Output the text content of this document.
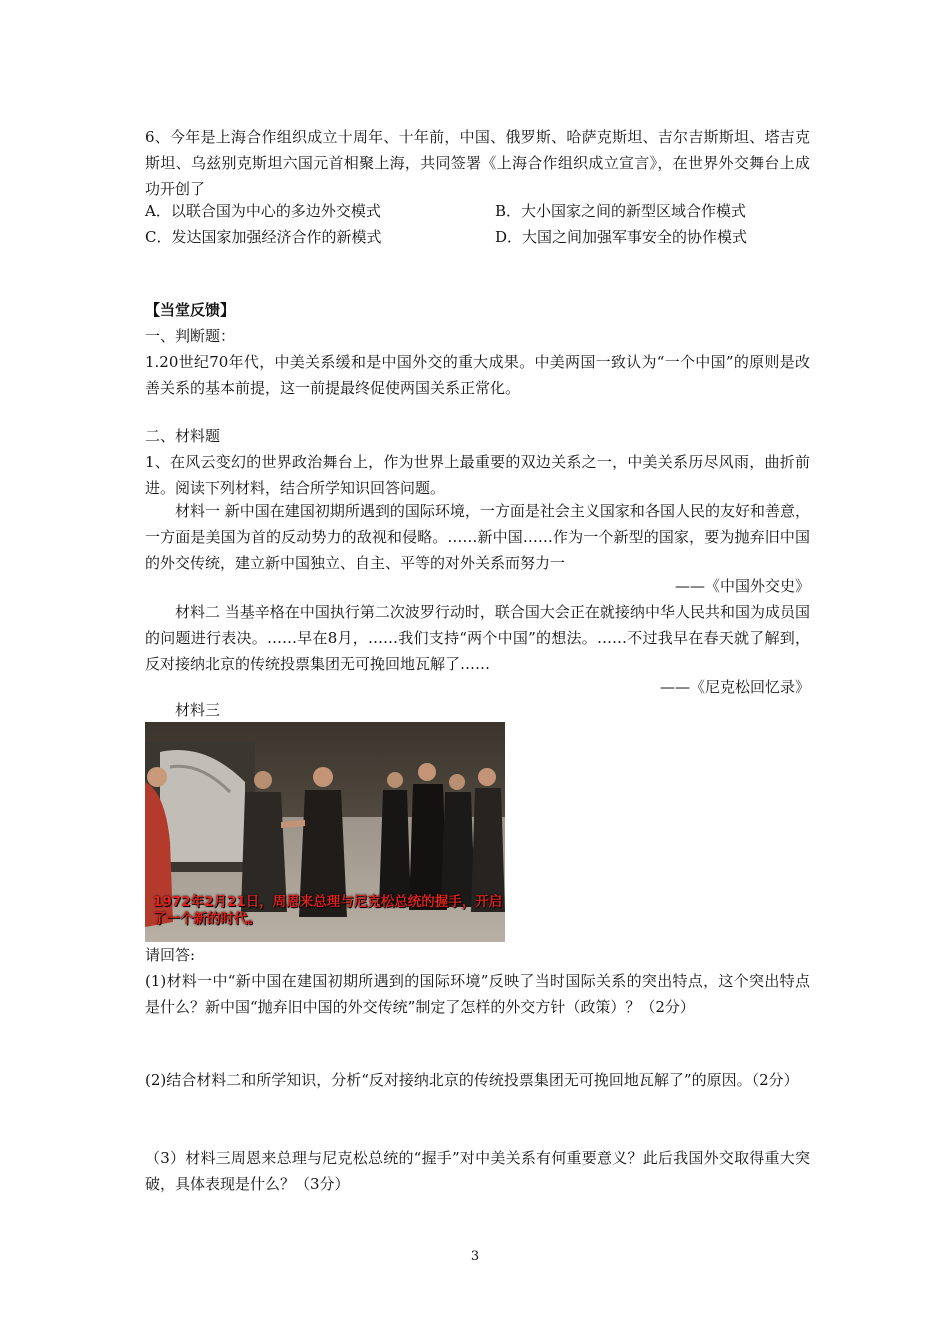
6、今年是上海合作组织成立十周年、十年前，中国、俄罗斯、哈萨克斯坦、吉尔吉斯斯坦、塔吉克斯坦、乌兹别克斯坦六国元首相聚上海，共同签署《上海合作组织成立宣言》，在世界外交舞台上成功开创了
A．以联合国为中心的多边外交模式	B．大小国家之间的新型区域合作模式
C．发达国家加强经济合作的新模式	D．大国之间加强军事安全的协作模式
【当堂反馈】
一、判断题：
1.20世纪70年代，中美关系缓和是中国外交的重大成果。中美两国一致认为“一个中国”的原则是改善关系的基本前提，这一前提最终促使两国关系正常化。
二、材料题
1、在风云变幻的世界政治舞台上，作为世界上最重要的双边关系之一，中美关系历尽风雨，曲折前进。阅读下列材料，结合所学知识回答问题。
材料一 新中国在建国初期所遇到的国际环境，一方面是社会主义国家和各国人民的友好和善意，一方面是美国为首的反动势力的敌视和侵略。……新中国……作为一个新型的国家，要为抛弃旧中国的外交传统，建立新中国独立、自主、平等的对外关系而努力一
——《中国外交史》
材料二 当基辛格在中国执行第二次波罗行动时，联合国大会正在就接纳中华人民共和国为成员国的问题进行表决。……早在8月，……我们支持“两个中国”的想法。……不过我早在春天就了解到，反对接纳北京的传统投票集团无可挽回地瓦解了……
——《尼克松回忆录》
材料三
1972年2月21日，周恩来总理与尼克松总统的握手，开启了一个新的时代。
请回答:
(1)材料一中“新中国在建国初期所遇到的国际环境”反映了当时国际关系的突出特点，这个突出特点是什么？新中国“抛弃旧中国的外交传统”制定了怎样的外交方针（政策）？（2分）
(2)结合材料二和所学知识，分析“反对接纳北京的传统投票集团无可挽回地瓦解了”的原因。（2分）
（3）材料三周恩来总理与尼克松总统的“握手”对中美关系有何重要意义？此后我国外交取得重大突破，具体表现是什么？（3分）
3
